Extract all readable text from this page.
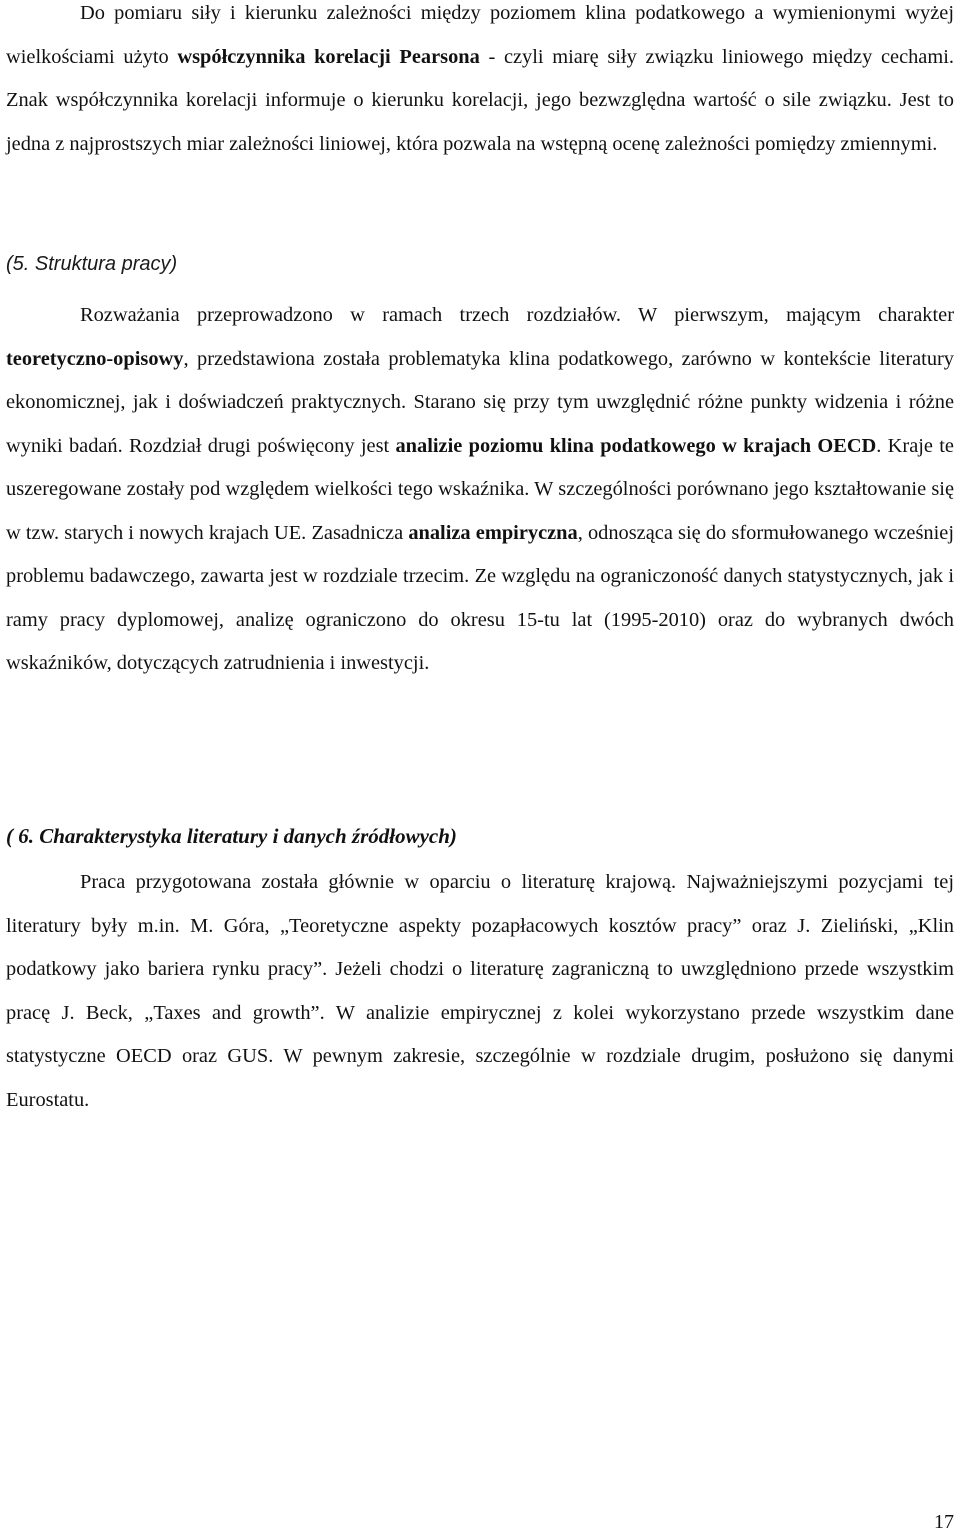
Do pomiaru siły i kierunku zależności między poziomem klina podatkowego a wymienionymi wyżej wielkościami użyto współczynnika korelacji Pearsona - czyli miarę siły związku liniowego między cechami. Znak współczynnika korelacji informuje o kierunku korelacji, jego bezwzględna wartość o sile związku. Jest to jedna z najprostszych miar zależności liniowej, która pozwala na wstępną ocenę zależności pomiędzy zmiennymi.

(5. Struktura pracy)

Rozważania przeprowadzono w ramach trzech rozdziałów. W pierwszym, mającym charakter teoretyczno-opisowy, przedstawiona została problematyka klina podatkowego, zarówno w kontekście literatury ekonomicznej, jak i doświadczeń praktycznych. Starano się przy tym uwzględnić różne punkty widzenia i różne wyniki badań. Rozdział drugi poświęcony jest analizie poziomu klina podatkowego w krajach OECD. Kraje te uszeregowane zostały pod względem wielkości tego wskaźnika. W szczególności porównano jego kształtowanie się w tzw. starych i nowych krajach UE. Zasadnicza analiza empiryczna, odnosząca się do sformułowanego wcześniej problemu badawczego, zawarta jest w rozdziale trzecim. Ze względu na ograniczoność danych statystycznych, jak i ramy pracy dyplomowej, analizę ograniczono do okresu 15-tu lat (1995-2010) oraz do wybranych dwóch wskaźników, dotyczących zatrudnienia i inwestycji.

( 6. Charakterystyka literatury i danych źródłowych)

Praca przygotowana została głównie w oparciu o literaturę krajową. Najważniejszymi pozycjami tej literatury były m.in. M. Góra, „Teoretyczne aspekty pozapłacowych kosztów pracy” oraz J. Zieliński, „Klin podatkowy jako bariera rynku pracy”. Jeżeli chodzi o literaturę zagraniczną to uwzględniono przede wszystkim pracę J. Beck, „Taxes and growth”. W analizie empirycznej z kolei wykorzystano przede wszystkim dane statystyczne OECD oraz GUS. W pewnym zakresie, szczególnie w rozdziale drugim, posłużono się danymi Eurostatu.

17
